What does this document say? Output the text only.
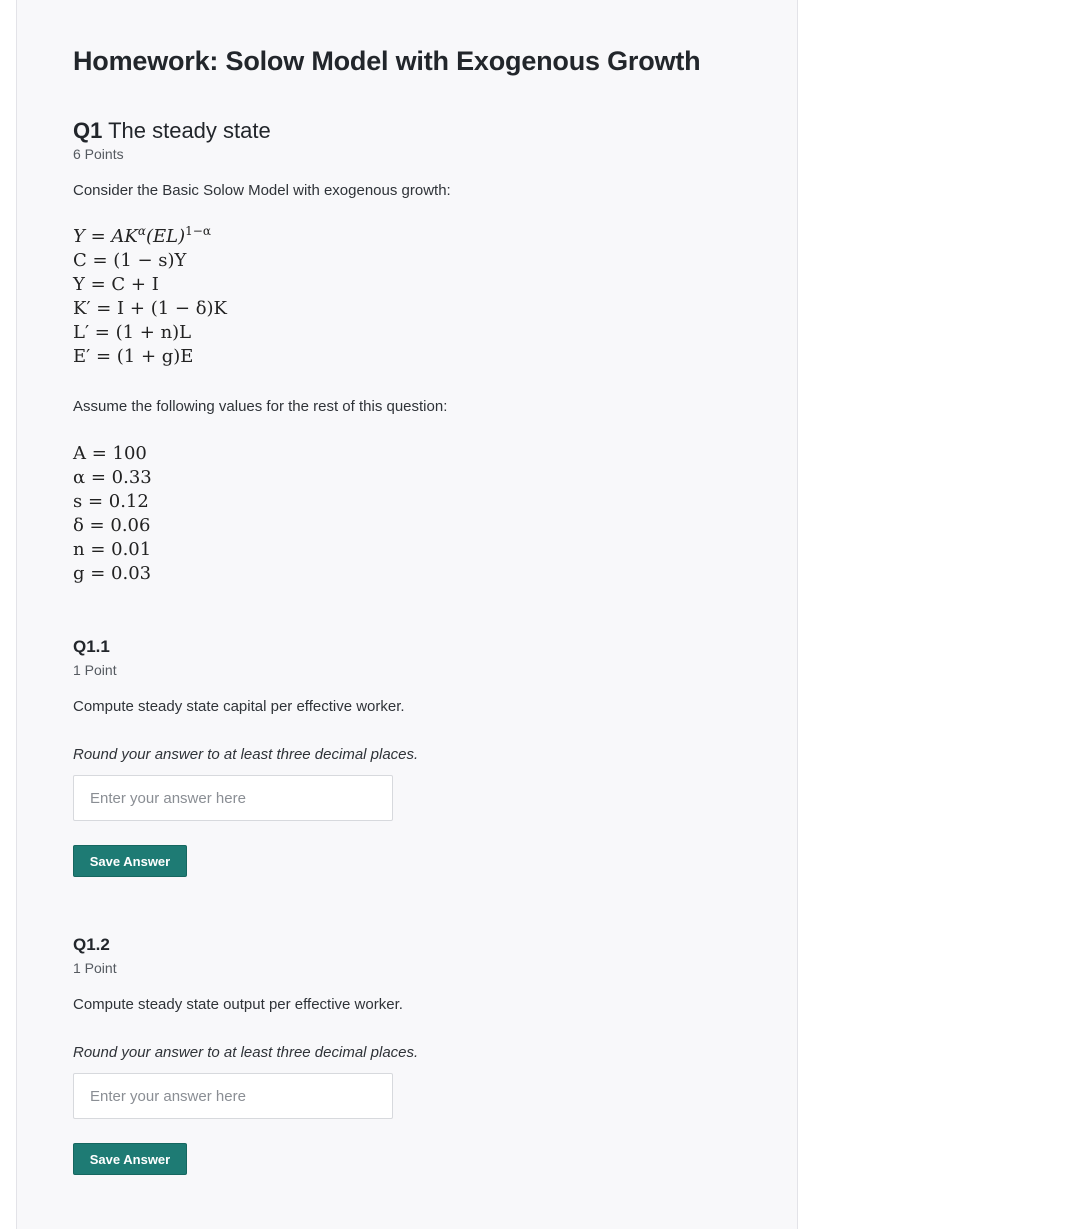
Homework: Solow Model with Exogenous Growth
Q1 The steady state
6 Points
Consider the Basic Solow Model with exogenous growth:
$Y = AK^\alpha(EL)^{1-\alpha}$
C = (1 − s)Y
Y = C + I
K′ = I + (1 − δ)K
L′ = (1 + n)L
E′ = (1 + g)E
Assume the following values for the rest of this question:
A = 100
α = 0.33
s = 0.12
δ = 0.06
n = 0.01
g = 0.03
Q1.1
1 Point
Compute steady state capital per effective worker.
Round your answer to at least three decimal places.
Enter your answer here
Save Answer
Q1.2
1 Point
Compute steady state output per effective worker.
Round your answer to at least three decimal places.
Enter your answer here
Save Answer
